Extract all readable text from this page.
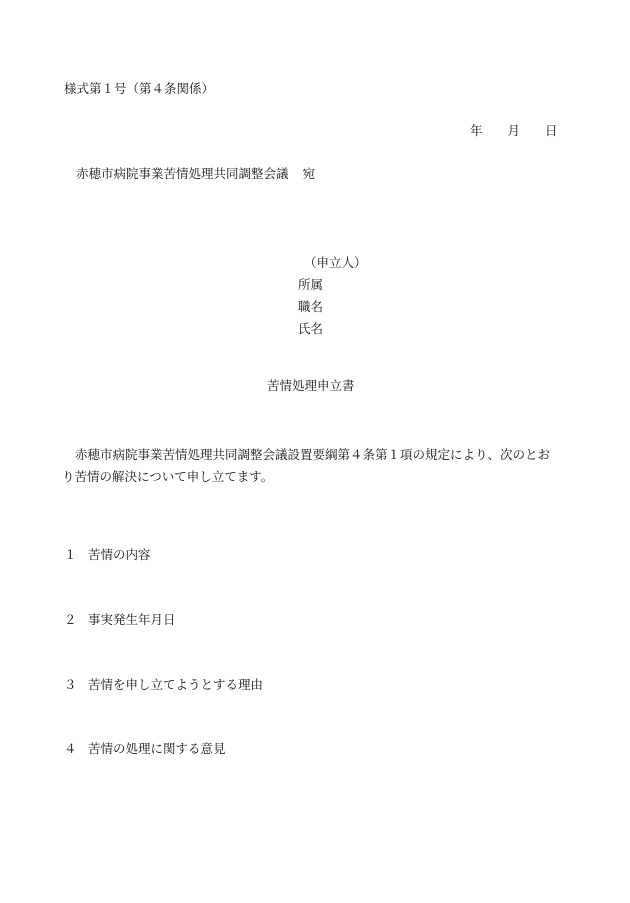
様式第１号（第４条関係）
年 月 日
赤穂市病院事業苦情処理共同調整会議 宛
（申立人）
所属
職名
氏名
苦情処理申立書
赤穂市病院事業苦情処理共同調整会議設置要綱第４条第１項の規定により、次のとおり苦情の解決について申し立てます。
１ 苦情の内容
２ 事実発生年月日
３ 苦情を申し立てようとする理由
４ 苦情の処理に関する意見
